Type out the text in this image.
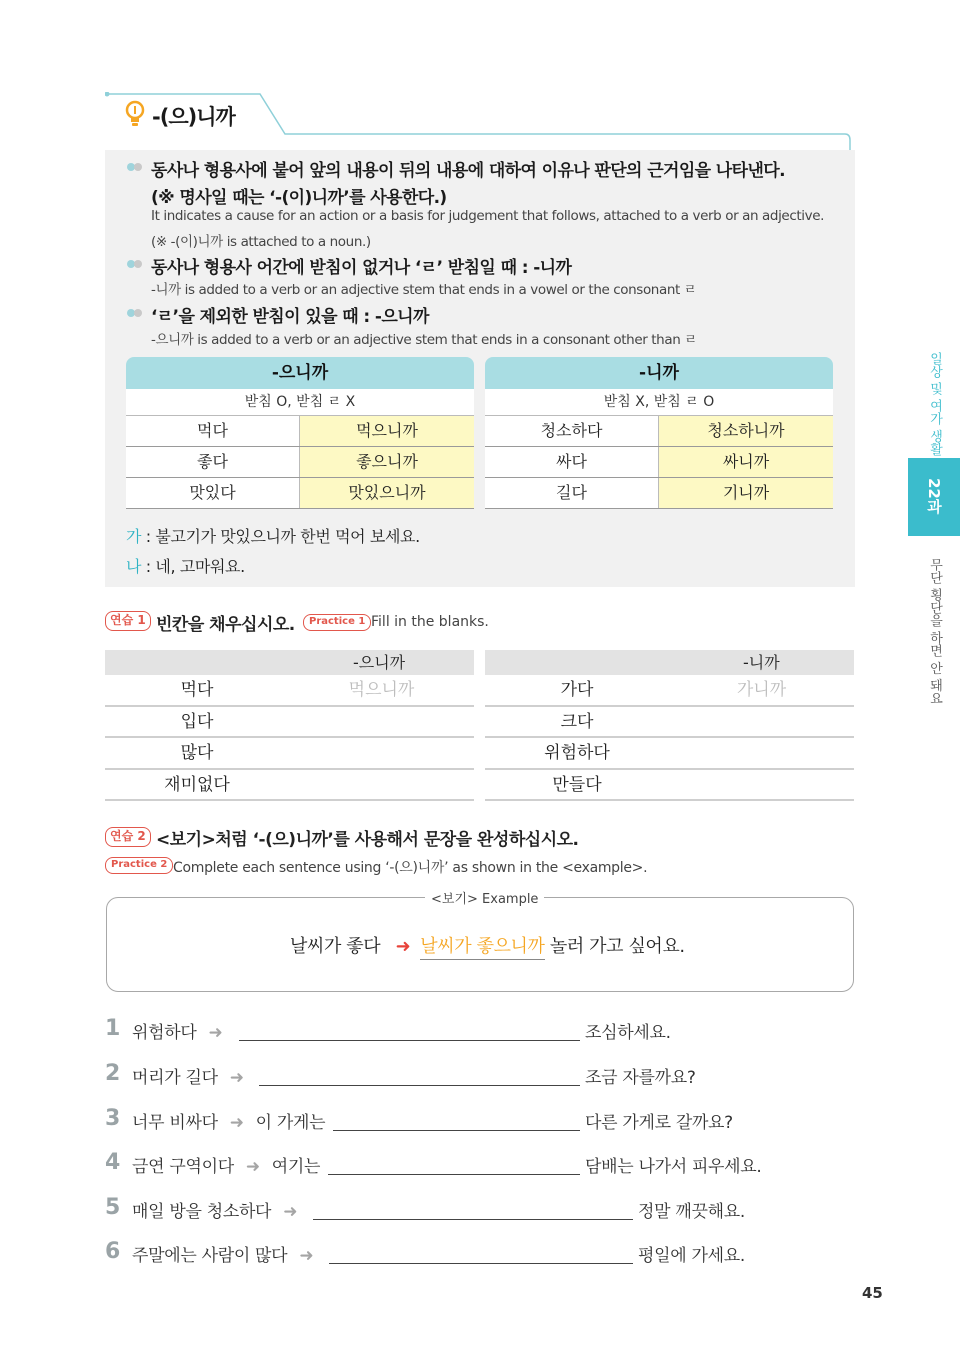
-(으)니까
동사나 형용사에 붙어 앞의 내용이 뒤의 내용에 대하여 이유나 판단의 근거임을 나타낸다.
(※ 명사일 때는 ‘-(이)니까’를 사용한다.)
It indicates a cause for an action or a basis for judgement that follows, attached to a verb or an adjective.
(※ -(이)니까 is attached to a noun.)
동사나 형용사 어간에 받침이 없거나 ‘ㄹ’ 받침일 때 : -니까
-니까 is added to a verb or an adjective stem that ends in a vowel or the consonant ㄹ
‘ㄹ’을 제외한 받침이 있을 때 : -으니까
-으니까 is added to a verb or an adjective stem that ends in a consonant other than ㄹ
-으니까
받침 O, 받침 ㄹ X
먹다	먹으니까
좋다	좋으니까
맛있다	맛있으니까
-니까
받침 X, 받침 ㄹ O
청소하다	청소하니까
싸다	싸니까
길다	기니까
가 : 불고기가 맛있으니까 한번 먹어 보세요.
나 : 네, 고마워요.
연습 1 빈칸을 채우십시오.	Practice 1 Fill in the blanks.
-으니까
먹다	먹으니까
입다
많다
재미없다
-니까
가다	가니까
크다
위험하다
만들다
연습 2 <보기>처럼 ‘-(으)니까’를 사용해서 문장을 완성하십시오.
Practice 2 Complete each sentence using ‘-(으)니까’ as shown in the <example>.
<보기> Example
날씨가 좋다 ➜ 날씨가 좋으니까 놀러 가고 싶어요.
1 위험하다 ➜	조심하세요.
2 머리가 길다 ➜	조금 자를까요?
3 너무 비싸다 ➜ 이 가게는	다른 가게로 갈까요?
4 금연 구역이다 ➜ 여기는	담배는 나가서 피우세요.
5 매일 방을 청소하다 ➜	정말 깨끗해요.
6 주말에는 사람이 많다 ➜	평일에 가세요.
일상 및 여가 생활
22과
무단 횡단을 하면 안 돼요
45
